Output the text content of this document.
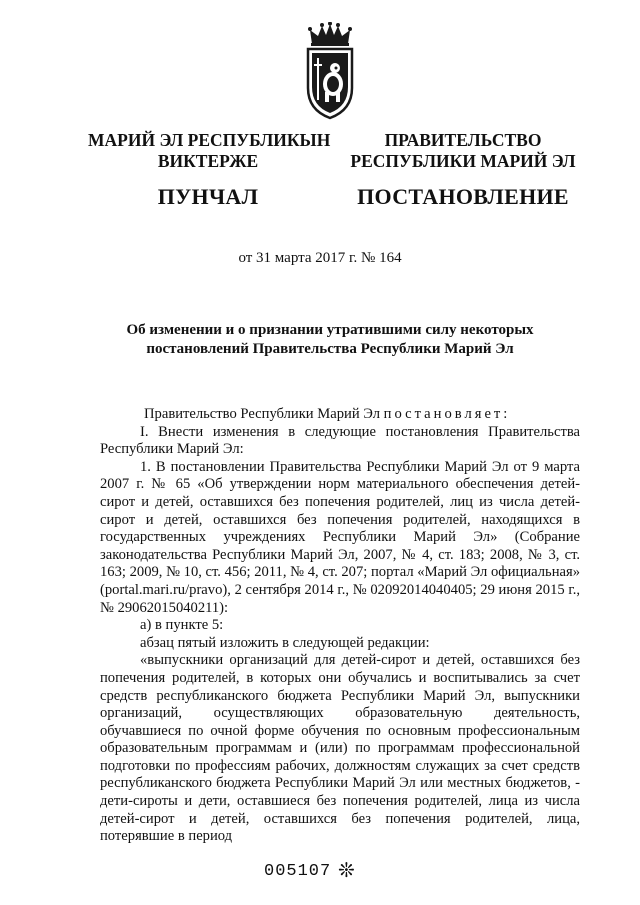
МАРИЙ ЭЛ РЕСПУБЛИКЫН
ВИКТЕРЖЕ
ПУНЧАЛ
ПРАВИТЕЛЬСТВО
РЕСПУБЛИКИ МАРИЙ ЭЛ
ПОСТАНОВЛЕНИЕ
от 31 марта 2017 г. № 164
Об изменении и о признании утратившими силу некоторых
постановлений Правительства Республики Марий Эл

Правительство Республики Марий Эл постановляет:

I. Внести изменения в следующие постановления Правительства Республики Марий Эл:

1. В постановлении Правительства Республики Марий Эл от 9 марта 2007 г. № 65 «Об утверждении норм материального обеспечения детей-сирот и детей, оставшихся без попечения родителей, лиц из числа детей-сирот и детей, оставшихся без попечения родителей, находящихся в государственных учреждениях Республики Марий Эл» (Собрание законодательства Республики Марий Эл, 2007, № 4, ст. 183; 2008, № 3, ст. 163; 2009, № 10, ст. 456; 2011, № 4, ст. 207; портал «Марий Эл официальная» (portal.mari.ru/pravo), 2 сентября 2014 г., № 02092014040405; 29 июня 2015 г., № 29062015040211):

а) в пункте 5:

абзац пятый изложить в следующей редакции:

«выпускники организаций для детей-сирот и детей, оставшихся без попечения родителей, в которых они обучались и воспитывались за счет средств республиканского бюджета Республики Марий Эл, выпускники организаций, осуществляющих образовательную деятельность, обучавшиеся по очной форме обучения по основным профессиональным образовательным программам и (или) по программам профессиональной подготовки по профессиям рабочих, должностям служащих за счет средств республиканского бюджета Республики Марий Эл или местных бюджетов, - дети-сироты и дети, оставшиеся без попечения родителей, лица из числа детей-сирот и детей, оставшихся без попечения родителей, лица, потерявшие в период

005107 ❊
